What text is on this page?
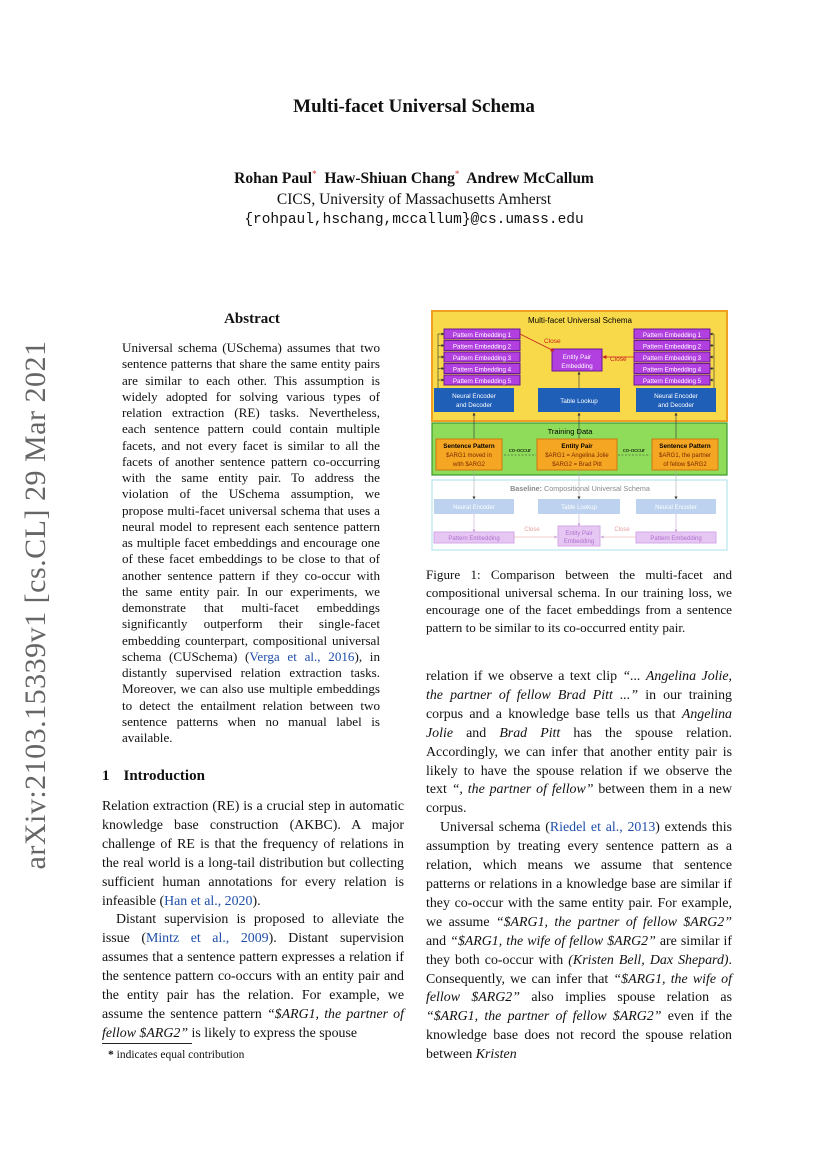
arXiv:2103.15339v1 [cs.CL] 29 Mar 2021
Multi-facet Universal Schema
Rohan Paul* Haw-Shiuan Chang* Andrew McCallum
CICS, University of Massachusetts Amherst
{rohpaul,hschang,mccallum}@cs.umass.edu
Abstract
Universal schema (USchema) assumes that two sentence patterns that share the same entity pairs are similar to each other. This assumption is widely adopted for solving various types of relation extraction (RE) tasks. Nevertheless, each sentence pattern could contain multiple facets, and not every facet is similar to all the facets of another sentence pattern co-occurring with the same entity pair. To address the violation of the USchema assumption, we propose multi-facet universal schema that uses a neural model to represent each sentence pattern as multiple facet embeddings and encourage one of these facet embeddings to be close to that of another sentence pattern if they co-occur with the same entity pair. In our experiments, we demonstrate that multi-facet embeddings significantly outperform their single-facet embedding counterpart, compositional universal schema (CUSchema) (Verga et al., 2016), in distantly supervised relation extraction tasks. Moreover, we can also use multiple embeddings to detect the entailment relation between two sentence patterns when no manual label is available.
1 Introduction

Relation extraction (RE) is a crucial step in automatic knowledge base construction (AKBC). A major challenge of RE is that the frequency of relations in the real world is a long-tail distribution but collecting sufficient human annotations for every relation is infeasible (Han et al., 2020).

Distant supervision is proposed to alleviate the issue (Mintz et al., 2009). Distant supervision assumes that a sentence pattern expresses a relation if the sentence pattern co-occurs with an entity pair and the entity pair has the relation. For example, we assume the sentence pattern “$ARG1, the partner of fellow $ARG2” is likely to express the spouse

* indicates equal contribution
Multi-facet Universal Schema
Pattern Embedding 1
Pattern Embedding 2
Pattern Embedding 3
Pattern Embedding 4
Pattern Embedding 5
Pattern Embedding 1
Pattern Embedding 2
Pattern Embedding 3
Pattern Embedding 4
Pattern Embedding 5
Entity Pair
Embedding
Close
Close
Neural Encoder
and Decoder
Table Lookup
Neural Encoder
and Decoder
Training Data
Sentence Pattern
$ARG1 moved in
with $ARG2
co-occur
Entity Pair
$ARG1 = Angelina Jolie
$ARG2 = Brad Pitt
co-occur
Sentence Pattern
$ARG1, the partner
of fellow $ARG2
Baseline: Compositional Universal Schema
Neural Encoder	Table Lookup	Neural Encoder
Pattern Embedding
Entity Pair
Embedding	Pattern Embedding
Close	Close
Figure 1: Comparison between the multi-facet and compositional universal schema. In our training loss, we encourage one of the facet embeddings from a sentence pattern to be similar to its co-occurred entity pair.

relation if we observe a text clip “... Angelina Jolie, the partner of fellow Brad Pitt ...” in our training corpus and a knowledge base tells us that Angelina Jolie and Brad Pitt has the spouse relation. Accordingly, we can infer that another entity pair is likely to have the spouse relation if we observe the text “, the partner of fellow” between them in a new corpus.

Universal schema (Riedel et al., 2013) extends this assumption by treating every sentence pattern as a relation, which means we assume that sentence patterns or relations in a knowledge base are similar if they co-occur with the same entity pair. For example, we assume “$ARG1, the partner of fellow $ARG2” and “$ARG1, the wife of fellow $ARG2” are similar if they both co-occur with (Kristen Bell, Dax Shepard). Consequently, we can infer that “$ARG1, the wife of fellow $ARG2” also implies spouse relation as “$ARG1, the partner of fellow $ARG2” even if the knowledge base does not record the spouse relation between Kristen
